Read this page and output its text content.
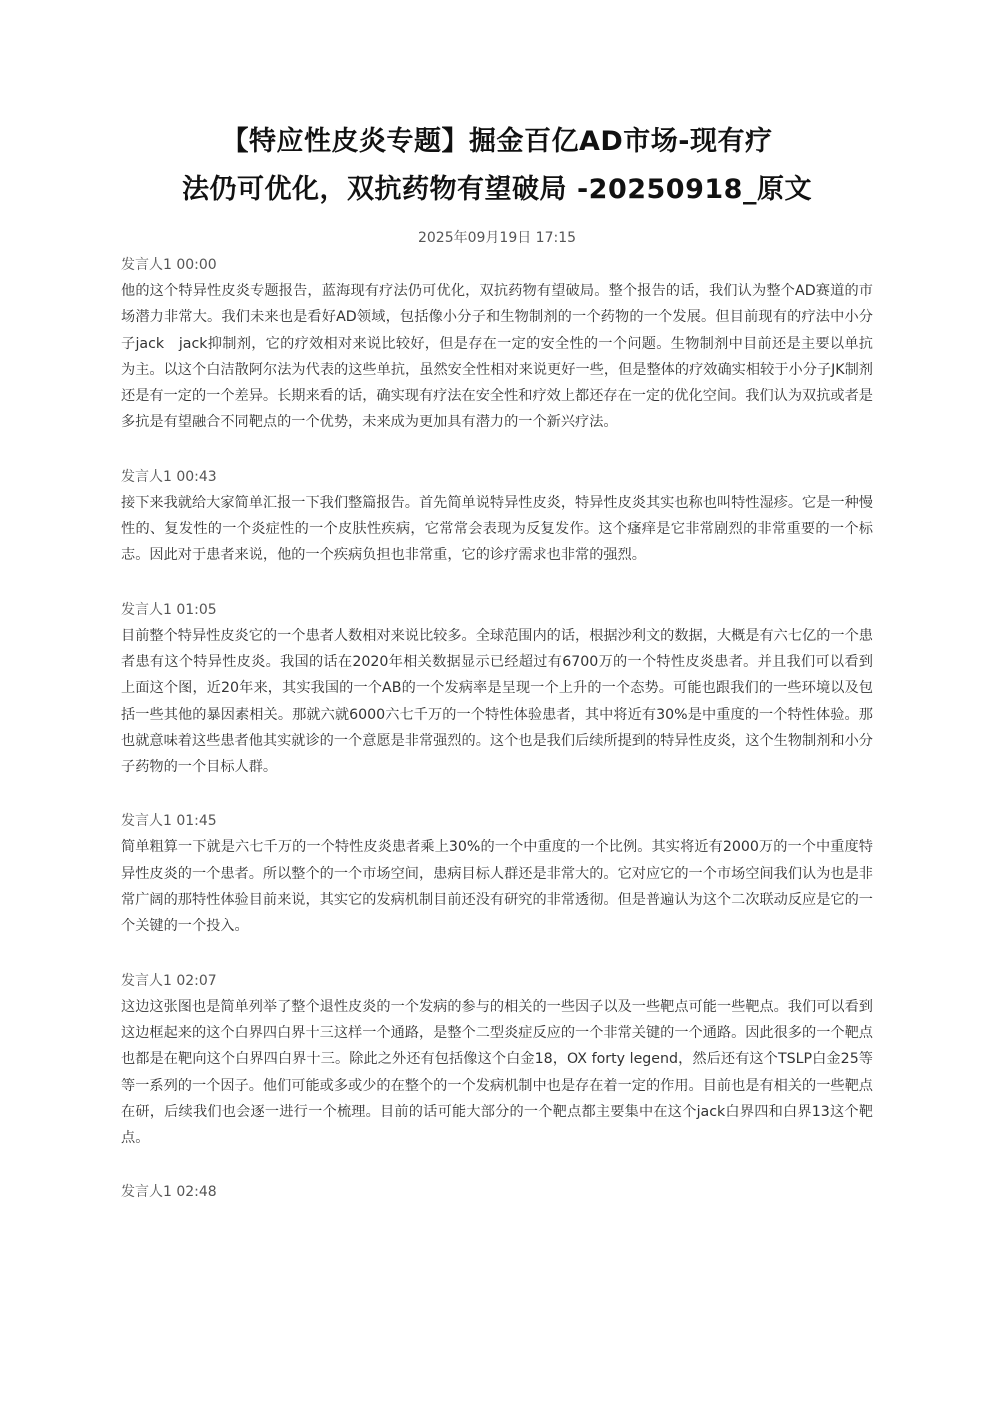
【特应性皮炎专题】掘金百亿AD市场-现有疗
法仍可优化，双抗药物有望破局 -20250918_原文
2025年09月19日 17:15
发言人1 00:00

他的这个特异性皮炎专题报告，蓝海现有疗法仍可优化，双抗药物有望破局。整个报告的话，我们认为整个AD赛道的市场潜力非常大。我们未来也是看好AD领域，包括像小分子和生物制剂的一个药物的一个发展。但目前现有的疗法中小分子jack　jack抑制剂，它的疗效相对来说比较好，但是存在一定的安全性的一个问题。生物制剂中目前还是主要以单抗为主。以这个白洁散阿尔法为代表的这些单抗，虽然安全性相对来说更好一些，但是整体的疗效确实相较于小分子JK制剂还是有一定的一个差异。长期来看的话，确实现有疗法在安全性和疗效上都还存在一定的优化空间。我们认为双抗或者是多抗是有望融合不同靶点的一个优势，未来成为更加具有潜力的一个新兴疗法。

发言人1 00:43

接下来我就给大家简单汇报一下我们整篇报告。首先简单说特异性皮炎，特异性皮炎其实也称也叫特性湿疹。它是一种慢性的、复发性的一个炎症性的一个皮肤性疾病，它常常会表现为反复发作。这个瘙痒是它非常剧烈的非常重要的一个标志。因此对于患者来说，他的一个疾病负担也非常重，它的诊疗需求也非常的强烈。

发言人1 01:05

目前整个特异性皮炎它的一个患者人数相对来说比较多。全球范围内的话，根据沙利文的数据，大概是有六七亿的一个患者患有这个特异性皮炎。我国的话在2020年相关数据显示已经超过有6700万的一个特性皮炎患者。并且我们可以看到上面这个图，近20年来，其实我国的一个AB的一个发病率是呈现一个上升的一个态势。可能也跟我们的一些环境以及包括一些其他的暴因素相关。那就六就6000六七千万的一个特性体验患者，其中将近有30%是中重度的一个特性体验。那也就意味着这些患者他其实就诊的一个意愿是非常强烈的。这个也是我们后续所提到的特异性皮炎，这个生物制剂和小分子药物的一个目标人群。

发言人1 01:45

简单粗算一下就是六七千万的一个特性皮炎患者乘上30%的一个中重度的一个比例。其实将近有2000万的一个中重度特异性皮炎的一个患者。所以整个的一个市场空间，患病目标人群还是非常大的。它对应它的一个市场空间我们认为也是非常广阔的那特性体验目前来说，其实它的发病机制目前还没有研究的非常透彻。但是普遍认为这个二次联动反应是它的一个关键的一个投入。

发言人1 02:07

这边这张图也是简单列举了整个退性皮炎的一个发病的参与的相关的一些因子以及一些靶点可能一些靶点。我们可以看到这边框起来的这个白界四白界十三这样一个通路，是整个二型炎症反应的一个非常关键的一个通路。因此很多的一个靶点也都是在靶向这个白界四白界十三。除此之外还有包括像这个白金18，OX forty legend，然后还有这个TSLP白金25等等一系列的一个因子。他们可能或多或少的在整个的一个发病机制中也是存在着一定的作用。目前也是有相关的一些靶点在研，后续我们也会逐一进行一个梳理。目前的话可能大部分的一个靶点都主要集中在这个jack白界四和白界13这个靶点。

发言人1 02:48
